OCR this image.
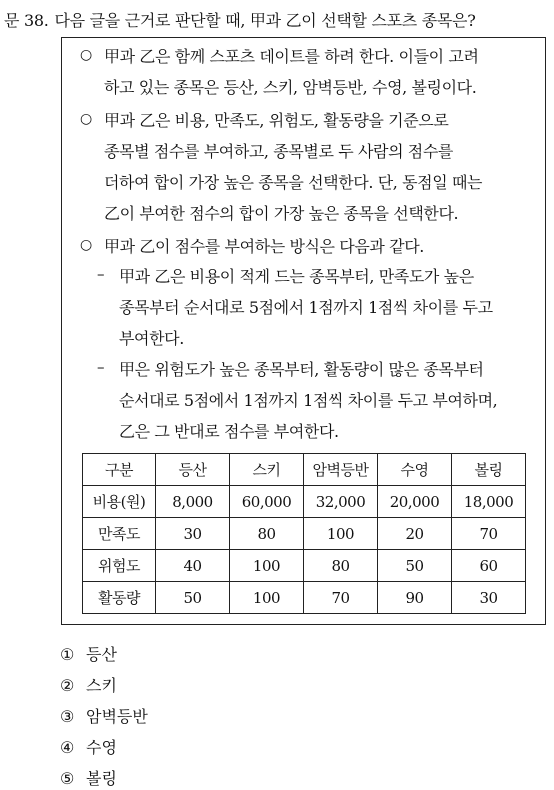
문 38. 다음 글을 근거로 판단할 때, 甲과 乙이 선택할 스포츠 종목은?
○ 甲과 乙은 함께 스포츠 데이트를 하려 한다. 이들이 고려
하고 있는 종목은 등산, 스키, 암벽등반, 수영, 볼링이다.
○ 甲과 乙은 비용, 만족도, 위험도, 활동량을 기준으로
종목별 점수를 부여하고, 종목별로 두 사람의 점수를
더하여 합이 가장 높은 종목을 선택한다. 단, 동점일 때는
乙이 부여한 점수의 합이 가장 높은 종목을 선택한다.
○ 甲과 乙이 점수를 부여하는 방식은 다음과 같다.
– 甲과 乙은 비용이 적게 드는 종목부터, 만족도가 높은
종목부터 순서대로 5점에서 1점까지 1점씩 차이를 두고
부여한다.
– 甲은 위험도가 높은 종목부터, 활동량이 많은 종목부터
순서대로 5점에서 1점까지 1점씩 차이를 두고 부여하며,
乙은 그 반대로 점수를 부여한다.
구분	등산	스키	암벽등반	수영	볼링
비용(원)	8,000	60,000	32,000	20,000	18,000
만족도	30	80	100	20	70
위험도	40	100	80	50	60
활동량	50	100	70	90	30
① 등산
② 스키
③ 암벽등반
④ 수영
⑤ 볼링
